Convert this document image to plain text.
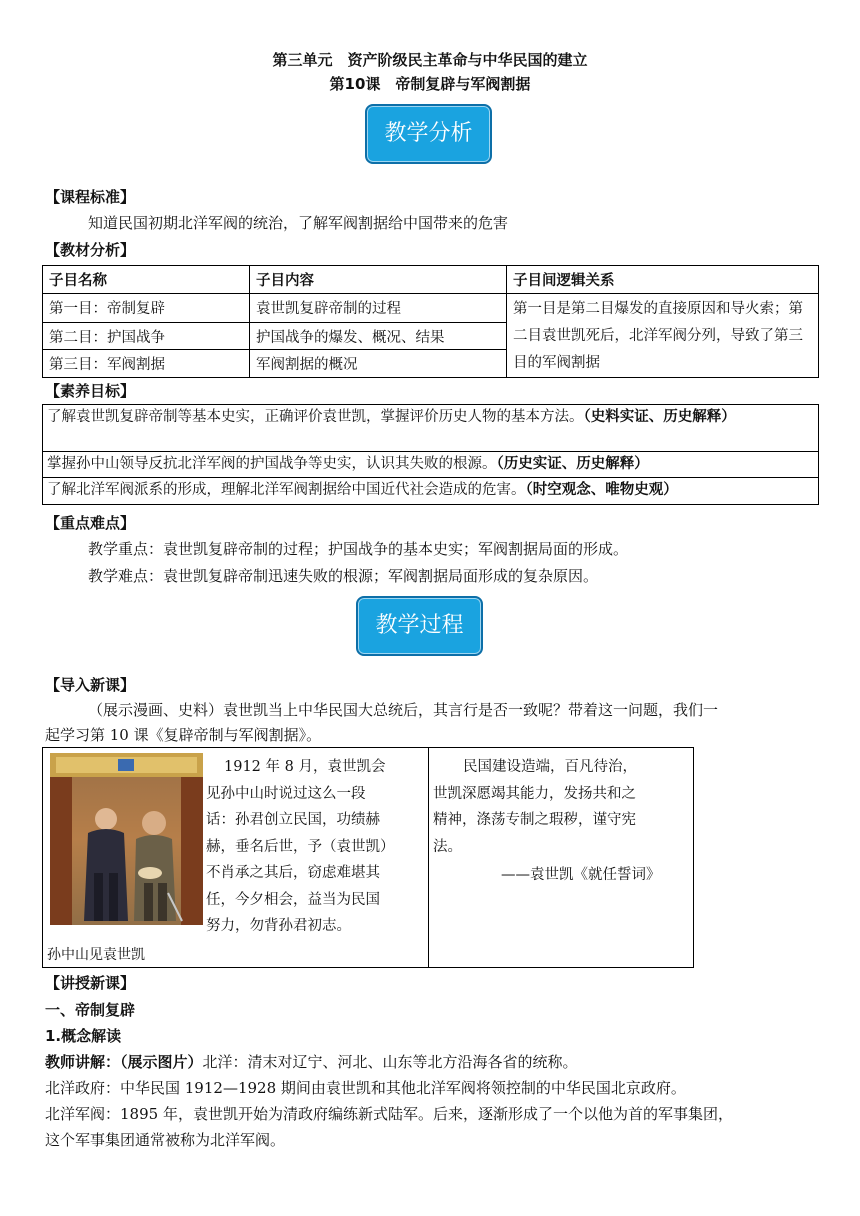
第三单元　资产阶级民主革命与中华民国的建立
第10课　帝制复辟与军阀割据
教学分析
【课程标准】
知道民国初期北洋军阀的统治，了解军阀割据给中国带来的危害
【教材分析】
子目名称	子目内容	子目间逻辑关系
第一目：帝制复辟	袁世凯复辟帝制的过程	第一目是第二目爆发的直接原因和导火索；第二目袁世凯死后，北洋军阀分列，导致了第三目的军阀割据
第二目：护国战争	护国战争的爆发、概况、结果	
第三目：军阀割据	军阀割据的概况	
【素养目标】
了解袁世凯复辟帝制等基本史实，正确评价袁世凯，掌握评价历史人物的基本方法。（史料实证、历史解释）
掌握孙中山领导反抗北洋军阀的护国战争等史实，认识其失败的根源。（历史实证、历史解释）
了解北洋军阀派系的形成，理解北洋军阀割据给中国近代社会造成的危害。（时空观念、唯物史观）
【重点难点】
教学重点：袁世凯复辟帝制的过程；护国战争的基本史实；军阀割据局面的形成。
教学难点：袁世凯复辟帝制迅速失败的根源；军阀割据局面形成的复杂原因。
教学过程
【导入新课】
（展示漫画、史料）袁世凯当上中华民国大总统后，其言行是否一致呢？带着这一问题，我们一
起学习第 10 课《复辟帝制与军阀割据》。
孙中山见袁世凯
1912 年 8 月，袁世凯会
见孙中山时说过这么一段
话：孙君创立民国，功绩赫
赫，垂名后世，予（袁世凯）
不肖承之其后，窃虑难堪其
任，今夕相会，益当为民国
努力，勿背孙君初志。
民国建设造端，百凡待治，
世凯深愿竭其能力，发扬共和之
精神，涤荡专制之瑕秽，谨守宪
法。
——袁世凯《就任誓词》
【讲授新课】
一、帝制复辟
1.概念解读
教师讲解：（展示图片）北洋：清末对辽宁、河北、山东等北方沿海各省的统称。
北洋政府：中华民国 1912—1928 期间由袁世凯和其他北洋军阀将领控制的中华民国北京政府。
北洋军阀：1895 年，袁世凯开始为清政府编练新式陆军。后来，逐渐形成了一个以他为首的军事集团，
这个军事集团通常被称为北洋军阀。
